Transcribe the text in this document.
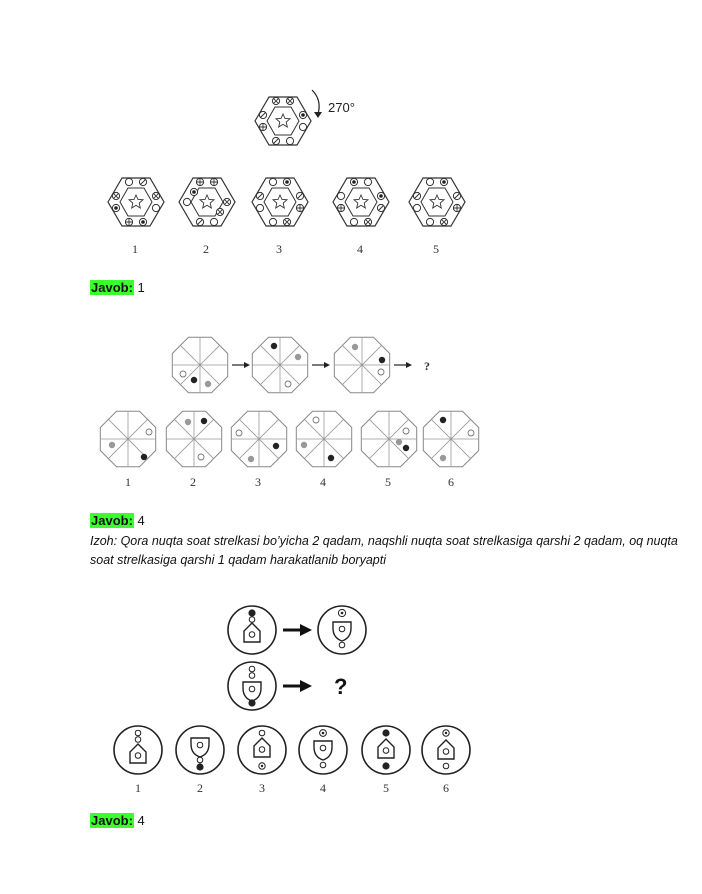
270°
1	2	3	4	5
?
1	2	3	4	5	6
?
1	2	3	4	5	6
Javob: 1
Javob: 4
Izoh: Qora nuqta soat strelkasi bo’yicha 2 qadam, naqshli nuqta soat strelkasiga qarshi 2 qadam, oq nuqta soat strelkasiga qarshi 1 qadam harakatlanib boryapti
Javob: 4
